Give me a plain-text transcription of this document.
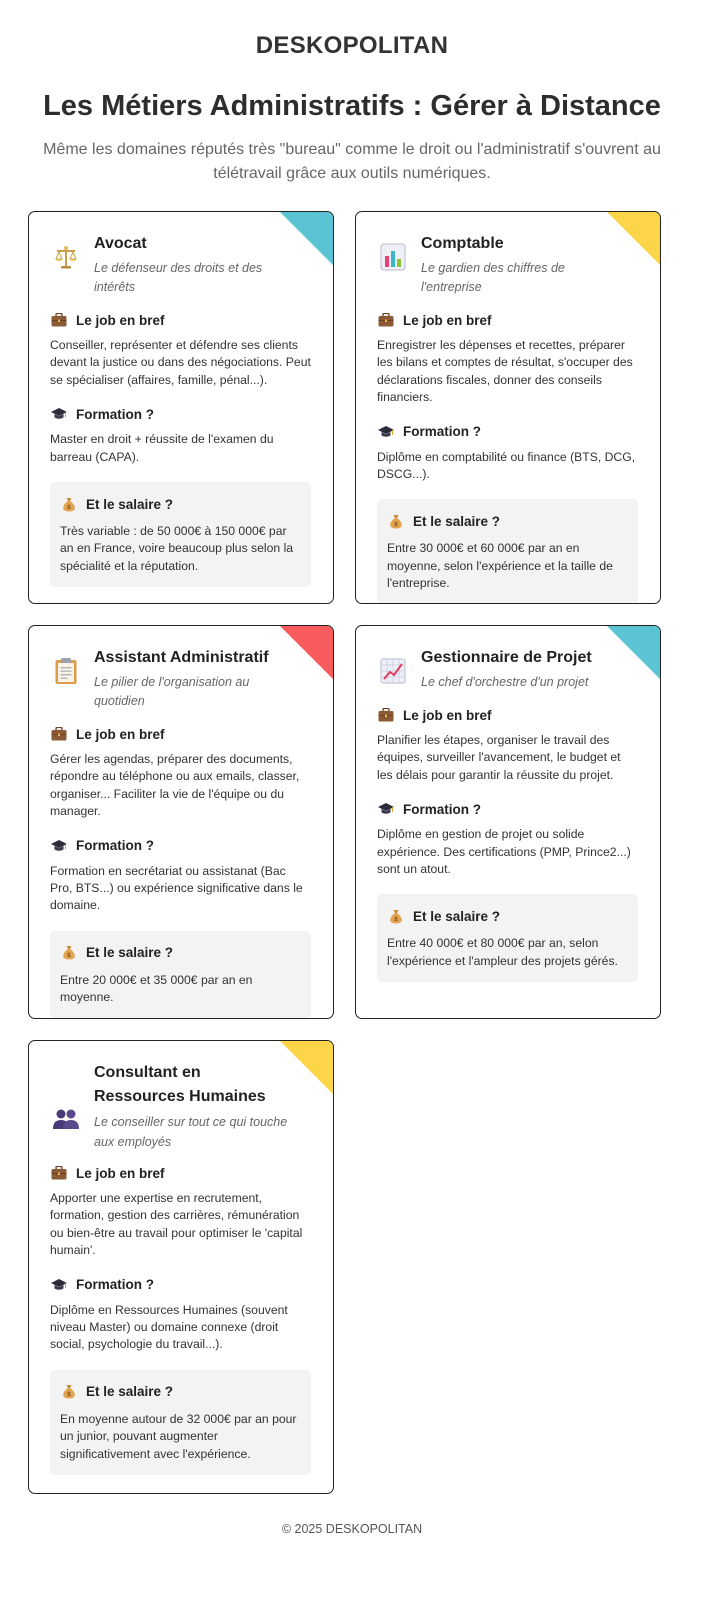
DESKOPOLITAN
Les Métiers Administratifs : Gérer à Distance

Même les domaines réputés très "bureau" comme le droit ou l'administratif s'ouvrent au télétravail grâce aux outils numériques.

Avocat
Le défenseur des droits et des intérêts
Le job en bref

Conseiller, représenter et défendre ses clients devant la justice ou dans des négociations. Peut se spécialiser (affaires, famille, pénal...).

Formation ?

Master en droit + réussite de l'examen du barreau (CAPA).

$ Et le salaire ?

Très variable : de 50 000€ à 150 000€ par an en France, voire beaucoup plus selon la spécialité et la réputation.

Comptable
Le gardien des chiffres de l'entreprise
Le job en bref

Enregistrer les dépenses et recettes, préparer les bilans et comptes de résultat, s'occuper des déclarations fiscales, donner des conseils financiers.

Formation ?

Diplôme en comptabilité ou finance (BTS, DCG, DSCG...).

$ Et le salaire ?

Entre 30 000€ et 60 000€ par an en moyenne, selon l'expérience et la taille de l'entreprise.

Assistant Administratif
Le pilier de l'organisation au quotidien
Le job en bref

Gérer les agendas, préparer des documents, répondre au téléphone ou aux emails, classer, organiser... Faciliter la vie de l'équipe ou du manager.

Formation ?

Formation en secrétariat ou assistanat (Bac Pro, BTS...) ou expérience significative dans le domaine.

$ Et le salaire ?

Entre 20 000€ et 35 000€ par an en moyenne.

Gestionnaire de Projet
Le chef d'orchestre d'un projet
Le job en bref

Planifier les étapes, organiser le travail des équipes, surveiller l'avancement, le budget et les délais pour garantir la réussite du projet.

Formation ?

Diplôme en gestion de projet ou solide expérience. Des certifications (PMP, Prince2...) sont un atout.

$ Et le salaire ?

Entre 40 000€ et 80 000€ par an, selon l'expérience et l'ampleur des projets gérés.

Consultant en Ressources Humaines
Le conseiller sur tout ce qui touche aux employés
Le job en bref

Apporter une expertise en recrutement, formation, gestion des carrières, rémunération ou bien-être au travail pour optimiser le 'capital humain'.

Formation ?

Diplôme en Ressources Humaines (souvent niveau Master) ou domaine connexe (droit social, psychologie du travail...).

$ Et le salaire ?

En moyenne autour de 32 000€ par an pour un junior, pouvant augmenter significativement avec l'expérience.

© 2025 DESKOPOLITAN
